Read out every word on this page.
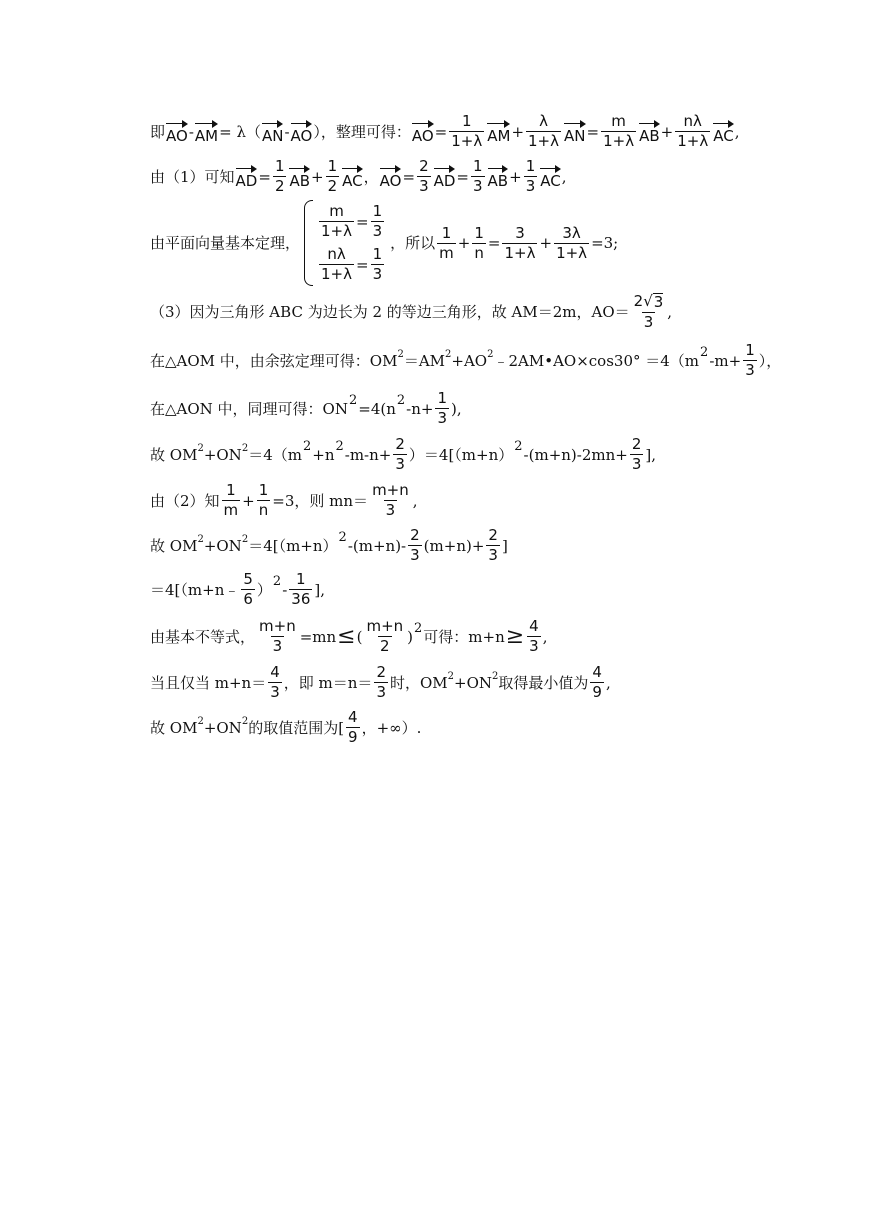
即 AO - AM = λ（ AN - AO ），整理可得： AO = $\frac{1}{1+\lambda}$ AM + $\frac{\lambda}{1+\lambda}$ AN = $\frac{m}{1+\lambda}$ AB + $\frac{n\lambda}{1+\lambda}$ AC ,
由（1）可知 AD = $\frac{1}{2}$ AB + $\frac{1}{2}$ AC ， AO = $\frac{2}{3}$ AD = $\frac{1}{3}$ AB + $\frac{1}{3}$ AC ,
由平面向量基本定理，
$\frac{m}{1+\lambda} = \frac{1}{3}$
$\frac{n\lambda}{1+\lambda} = \frac{1}{3}$
，所以 $\frac{1}{m} + \frac{1}{n} = \frac{3}{1+\lambda} + \frac{3\lambda}{1+\lambda} =3$;
（3）因为三角形 ABC 为边长为 2 的等边三角形，故 AM＝2m，$AO= \frac{2 √ 3}{3}$ ,
在△AOM 中，由余弦定理可得：OM 2 ＝AM 2 +AO 2 ﹣2AM•AO×cos30° ＝4（m 2 $-m+ \frac{1}{3}$ ），
在△AON 中，同理可得：ON 2 =4(n 2 $-n+ \frac{1}{3}$ ),
故 OM 2 +ON 2 ＝4（m 2 +n 2 $-m-n+ \frac{2}{3} )=4[(m+n)$ 2 $-(m+n)-2mn+ \frac{2}{3}$ ],
由（2）知 $\frac{1}{m} + \frac{1}{n} =3$，则 $mn= \frac{m+n}{3}$ ,
故 OM 2 +ON 2 ＝4[（m+n） 2 $-(m+n)- \frac{2}{3} (m+n)+ \frac{2}{3}$ ]
＝4[（m+n﹣ $\frac{5}{6}$ ） $2 - \frac{1}{36}$ ],
由基本不等式， $\frac{m+n}{3} =mn$ ≤ ( $\frac{m+n}{2}$ ) 2 可得：$m+n \ge \frac{4}{3}$ ,
当且仅当 $m+n= \frac{4}{3}$ ，即 $m=n= \frac{2}{3}$ 时，OM 2 +ON 2 取得最小值为 $\frac{4}{9}$ ,
故 OM 2 +ON 2 的取值范围为[ $\frac{4}{9}$ ，+∞）.
